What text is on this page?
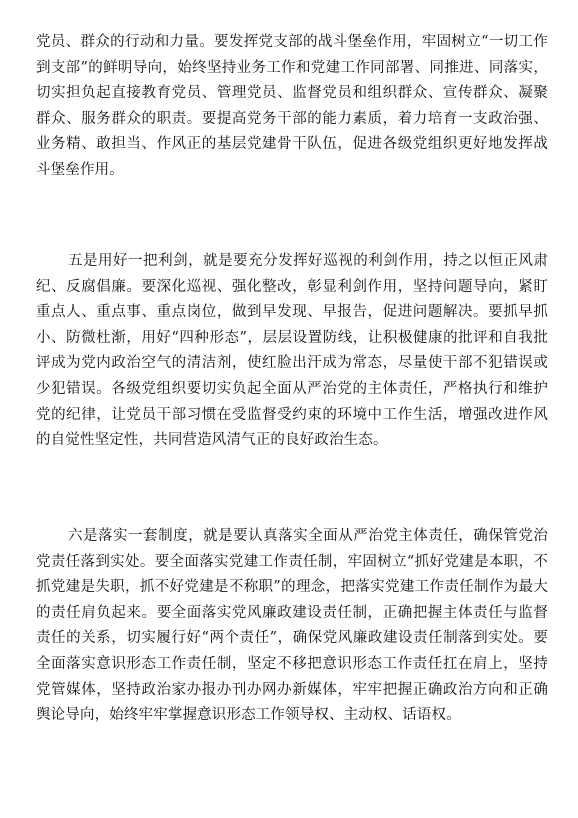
党员、群众的行动和力量。要发挥党支部的战斗堡垒作用，牢固树立“一切工作到支部”的鲜明导向，始终坚持业务工作和党建工作同部署、同推进、同落实，切实担负起直接教育党员、管理党员、监督党员和组织群众、宣传群众、凝聚群众、服务群众的职责。要提高党务干部的能力素质，着力培育一支政治强、业务精、敢担当、作风正的基层党建骨干队伍，促进各级党组织更好地发挥战斗堡垒作用。

五是用好一把利剑，就是要充分发挥好巡视的利剑作用，持之以恒正风肃纪、反腐倡廉。要深化巡视、强化整改，彰显利剑作用，坚持问题导向，紧盯重点人、重点事、重点岗位，做到早发现、早报告，促进问题解决。要抓早抓小、防微杜渐，用好“四种形态”，层层设置防线，让积极健康的批评和自我批评成为党内政治空气的清洁剂，使红脸出汗成为常态，尽量使干部不犯错误或少犯错误。各级党组织要切实负起全面从严治党的主体责任，严格执行和维护党的纪律，让党员干部习惯在受监督受约束的环境中工作生活，增强改进作风的自觉性坚定性，共同营造风清气正的良好政治生态。

六是落实一套制度，就是要认真落实全面从严治党主体责任，确保管党治党责任落到实处。要全面落实党建工作责任制，牢固树立“抓好党建是本职，不抓党建是失职，抓不好党建是不称职”的理念，把落实党建工作责任制作为最大的责任肩负起来。要全面落实党风廉政建设责任制，正确把握主体责任与监督责任的关系，切实履行好“两个责任”，确保党风廉政建设责任制落到实处。要全面落实意识形态工作责任制，坚定不移把意识形态工作责任扛在肩上，坚持党管媒体，坚持政治家办报办刊办网办新媒体，牢牢把握正确政治方向和正确舆论导向，始终牢牢掌握意识形态工作领导权、主动权、话语权。
